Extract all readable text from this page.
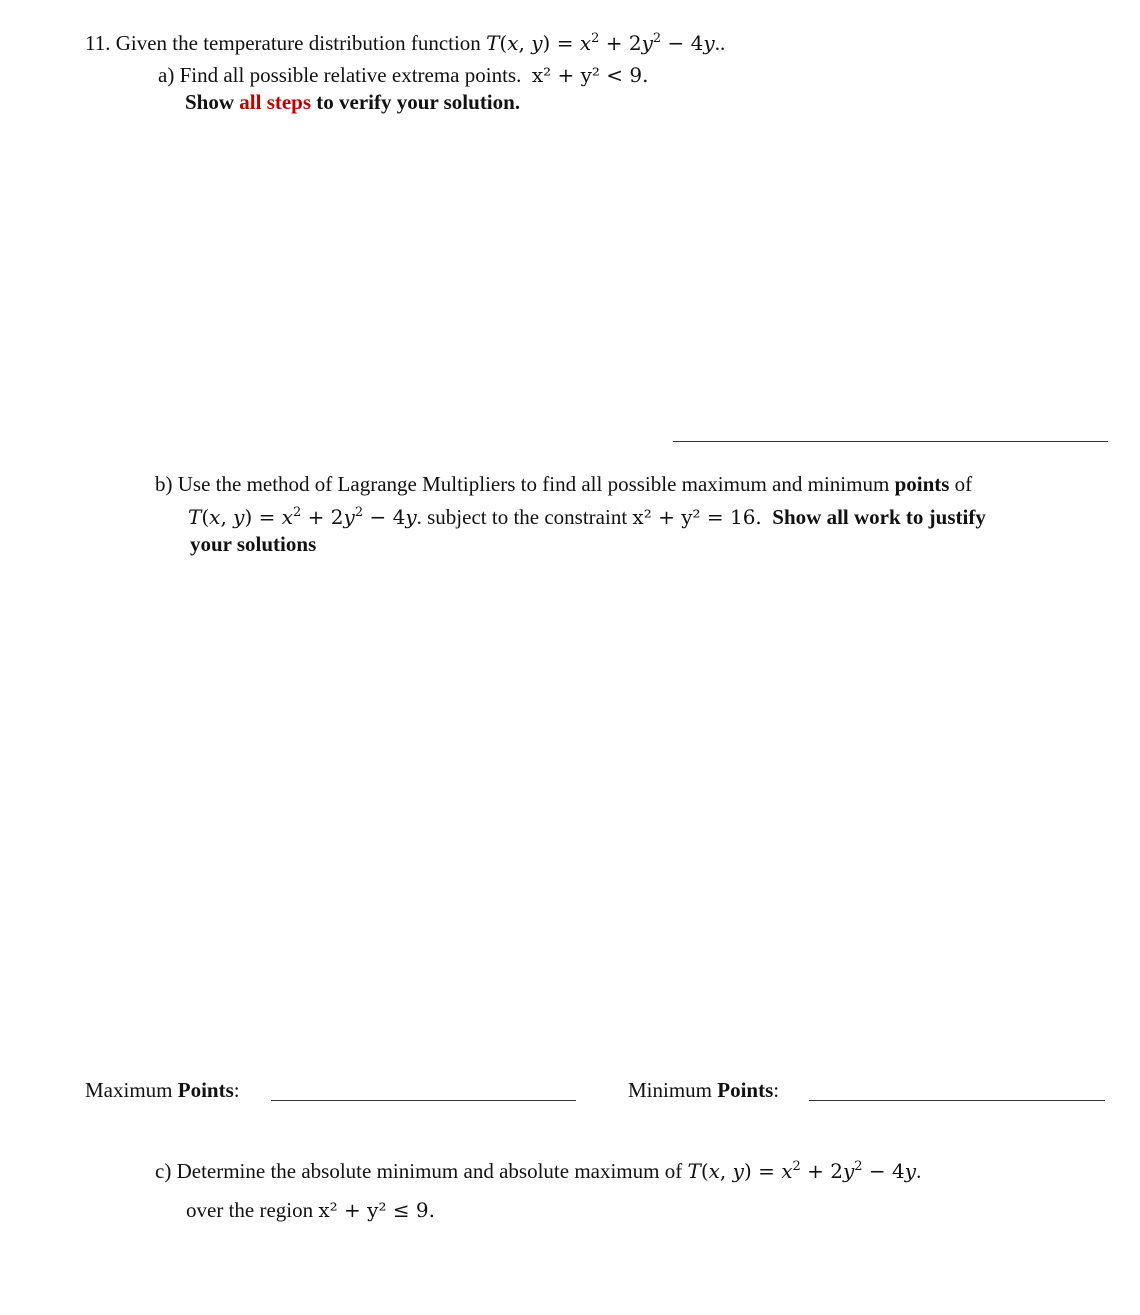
11. Given the temperature distribution function T(x, $y) = x^2 + 2y^2 - 4y$..
a) Find all possible relative extrema points. x² + y² < 9.
Show all steps to verify your solution.
b) Use the method of Lagrange Multipliers to find all possible maximum and minimum points of
T(x, $y) = x^2 + 2y^2 - 4y$. subject to the constraint x² + y² = 16. Show all work to justify
your solutions
Maximum Points:	Minimum Points:
c) Determine the absolute minimum and absolute maximum of T(x, $y) = x^2 + 2y^2 - 4y$.
over the region x² + y² ≤ 9.
